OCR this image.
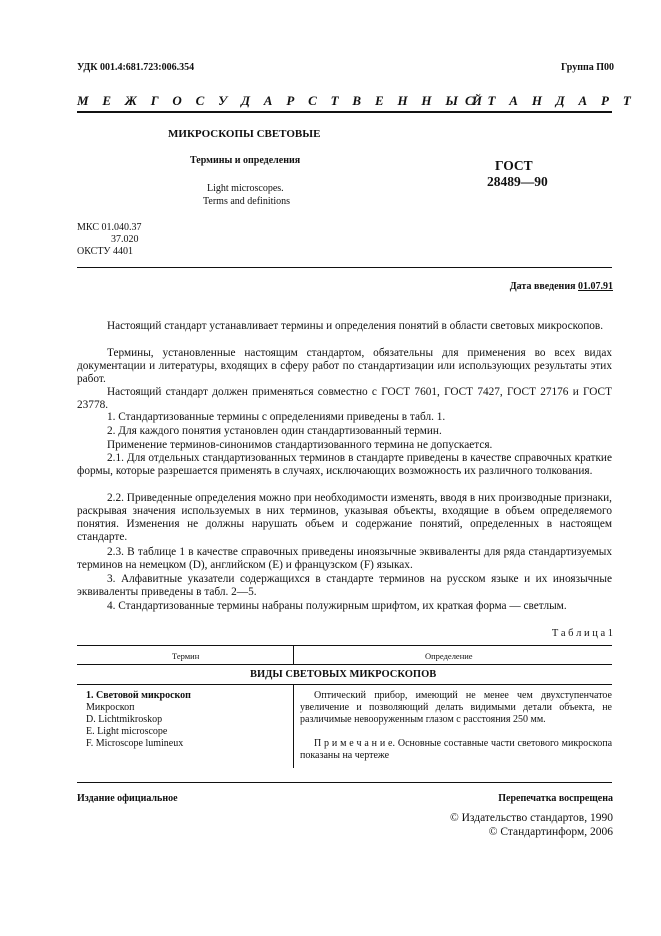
УДК 001.4:681.723:006.354	Группа П00
М Е Ж Г О С У Д А Р С Т В Е Н Н Ы Й
С Т А Н Д А Р Т
МИКРОСКОПЫ СВЕТОВЫЕ
Термины и определения
Light microscopes.
Terms and definitions
ГОСТ
28489—90
МКС 01.040.37
37.020
ОКСТУ 4401
Дата введения 01.07.91
Настоящий стандарт устанавливает термины и определения понятий в области световых микроскопов.
Термины, установленные настоящим стандартом, обязательны для применения во всех видах документации и литературы, входящих в сферу работ по стандартизации или использующих результаты этих работ.
Настоящий стандарт должен применяться совместно с ГОСТ 7601, ГОСТ 7427, ГОСТ 27176 и ГОСТ 23778.
1. Стандартизованные термины с определениями приведены в табл. 1.
2. Для каждого понятия установлен один стандартизованный термин.
Применение терминов-синонимов стандартизованного термина не допускается.
2.1. Для отдельных стандартизованных терминов в стандарте приведены в качестве справочных краткие формы, которые разрешается применять в случаях, исключающих возможность их различного толкования.
2.2. Приведенные определения можно при необходимости изменять, вводя в них производные признаки, раскрывая значения используемых в них терминов, указывая объекты, входящие в объем определяемого понятия. Изменения не должны нарушать объем и содержание понятий, определенных в настоящем стандарте.
2.3. В таблице 1 в качестве справочных приведены иноязычные эквиваленты для ряда стандартизуемых терминов на немецком (D), английском (E) и французском (F) языках.
3. Алфавитные указатели содержащихся в стандарте терминов на русском языке и их иноязычные эквиваленты приведены в табл. 2—5.
4. Стандартизованные термины набраны полужирным шрифтом, их краткая форма — светлым.
Т а б л и ц а 1
Термин	Определение
ВИДЫ СВЕТОВЫХ МИКРОСКОПОВ
1. Световой микроскоп
Микроскоп
D. Lichtmikroskop
E. Light microscope
F. Microscope lumineux
Оптический прибор, имеющий не менее чем двухступенчатое увеличение и позволяющий делать видимыми детали объекта, не различимые невооруженным глазом с расстояния 250 мм.
П р и м е ч а н и е. Основные составные части светового микроскопа показаны на чертеже
Издание официальное	Перепечатка воспрещена
© Издательство стандартов, 1990
© Стандартинформ, 2006
